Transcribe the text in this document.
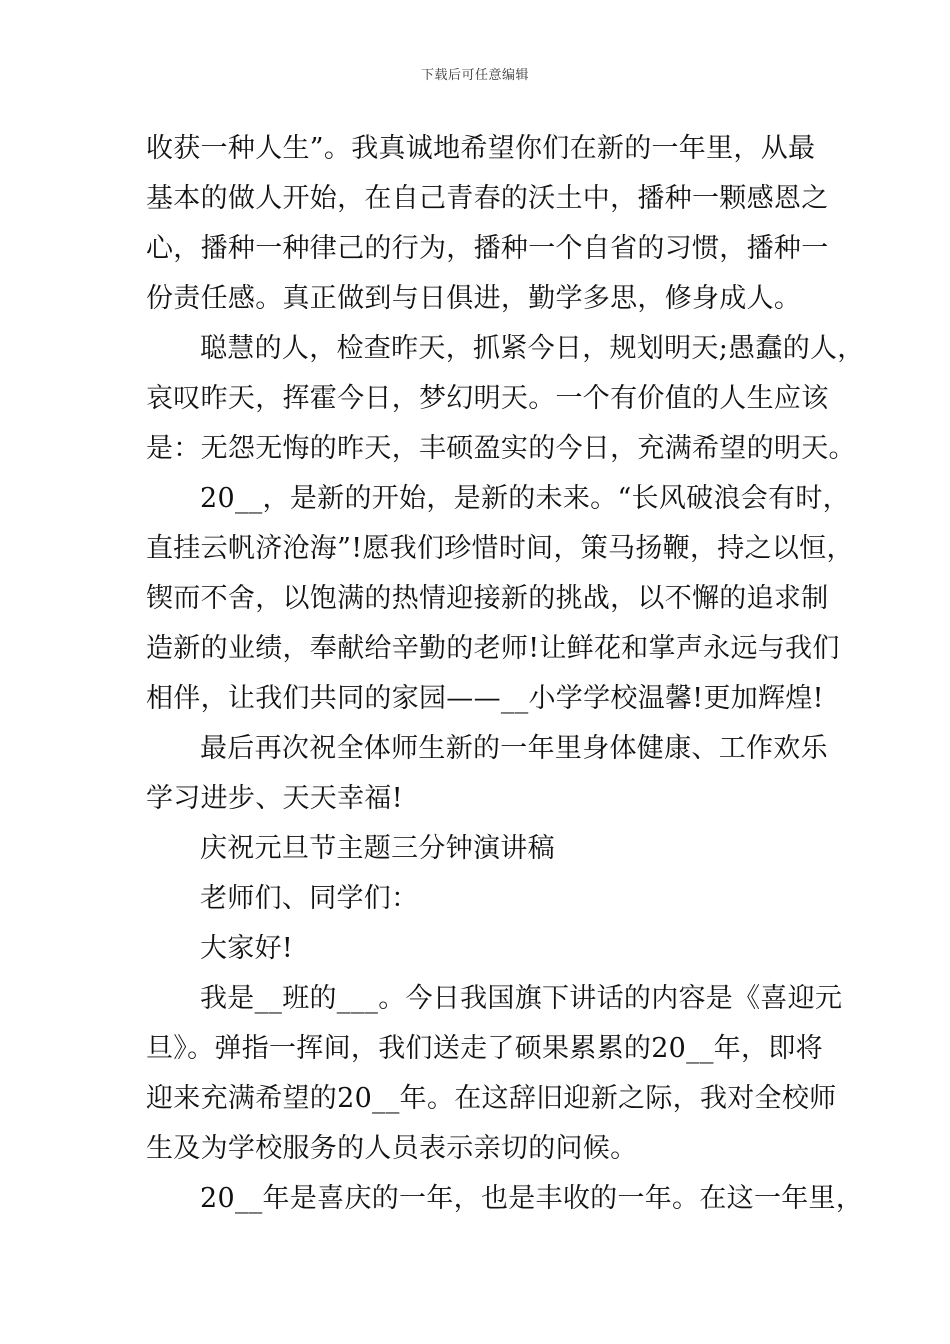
下载后可任意编辑
收获一种人生”。我真诚地希望你们在新的一年里，从最
基本的做人开始，在自己青春的沃土中，播种一颗感恩之
心，播种一种律己的行为，播种一个自省的习惯，播种一
份责任感。真正做到与日俱进，勤学多思，修身成人。
聪慧的人，检查昨天，抓紧今日，规划明天;愚蠢的人，
哀叹昨天，挥霍今日，梦幻明天。一个有价值的人生应该
是：无怨无悔的昨天，丰硕盈实的今日，充满希望的明天。
20__，是新的开始，是新的未来。“长风破浪会有时，
直挂云帆济沧海”!愿我们珍惜时间，策马扬鞭，持之以恒，
锲而不舍，以饱满的热情迎接新的挑战，以不懈的追求制
造新的业绩，奉献给辛勤的老师!让鲜花和掌声永远与我们
相伴，让我们共同的家园——__小学学校温馨!更加辉煌!
最后再次祝全体师生新的一年里身体健康、工作欢乐
学习进步、天天幸福!
庆祝元旦节主题三分钟演讲稿
老师们、同学们：
大家好!
我是__班的___。今日我国旗下讲话的内容是《喜迎元
旦》。弹指一挥间，我们送走了硕果累累的20__年，即将
迎来充满希望的20__年。在这辞旧迎新之际，我对全校师
生及为学校服务的人员表示亲切的问候。
20__年是喜庆的一年，也是丰收的一年。在这一年里，
